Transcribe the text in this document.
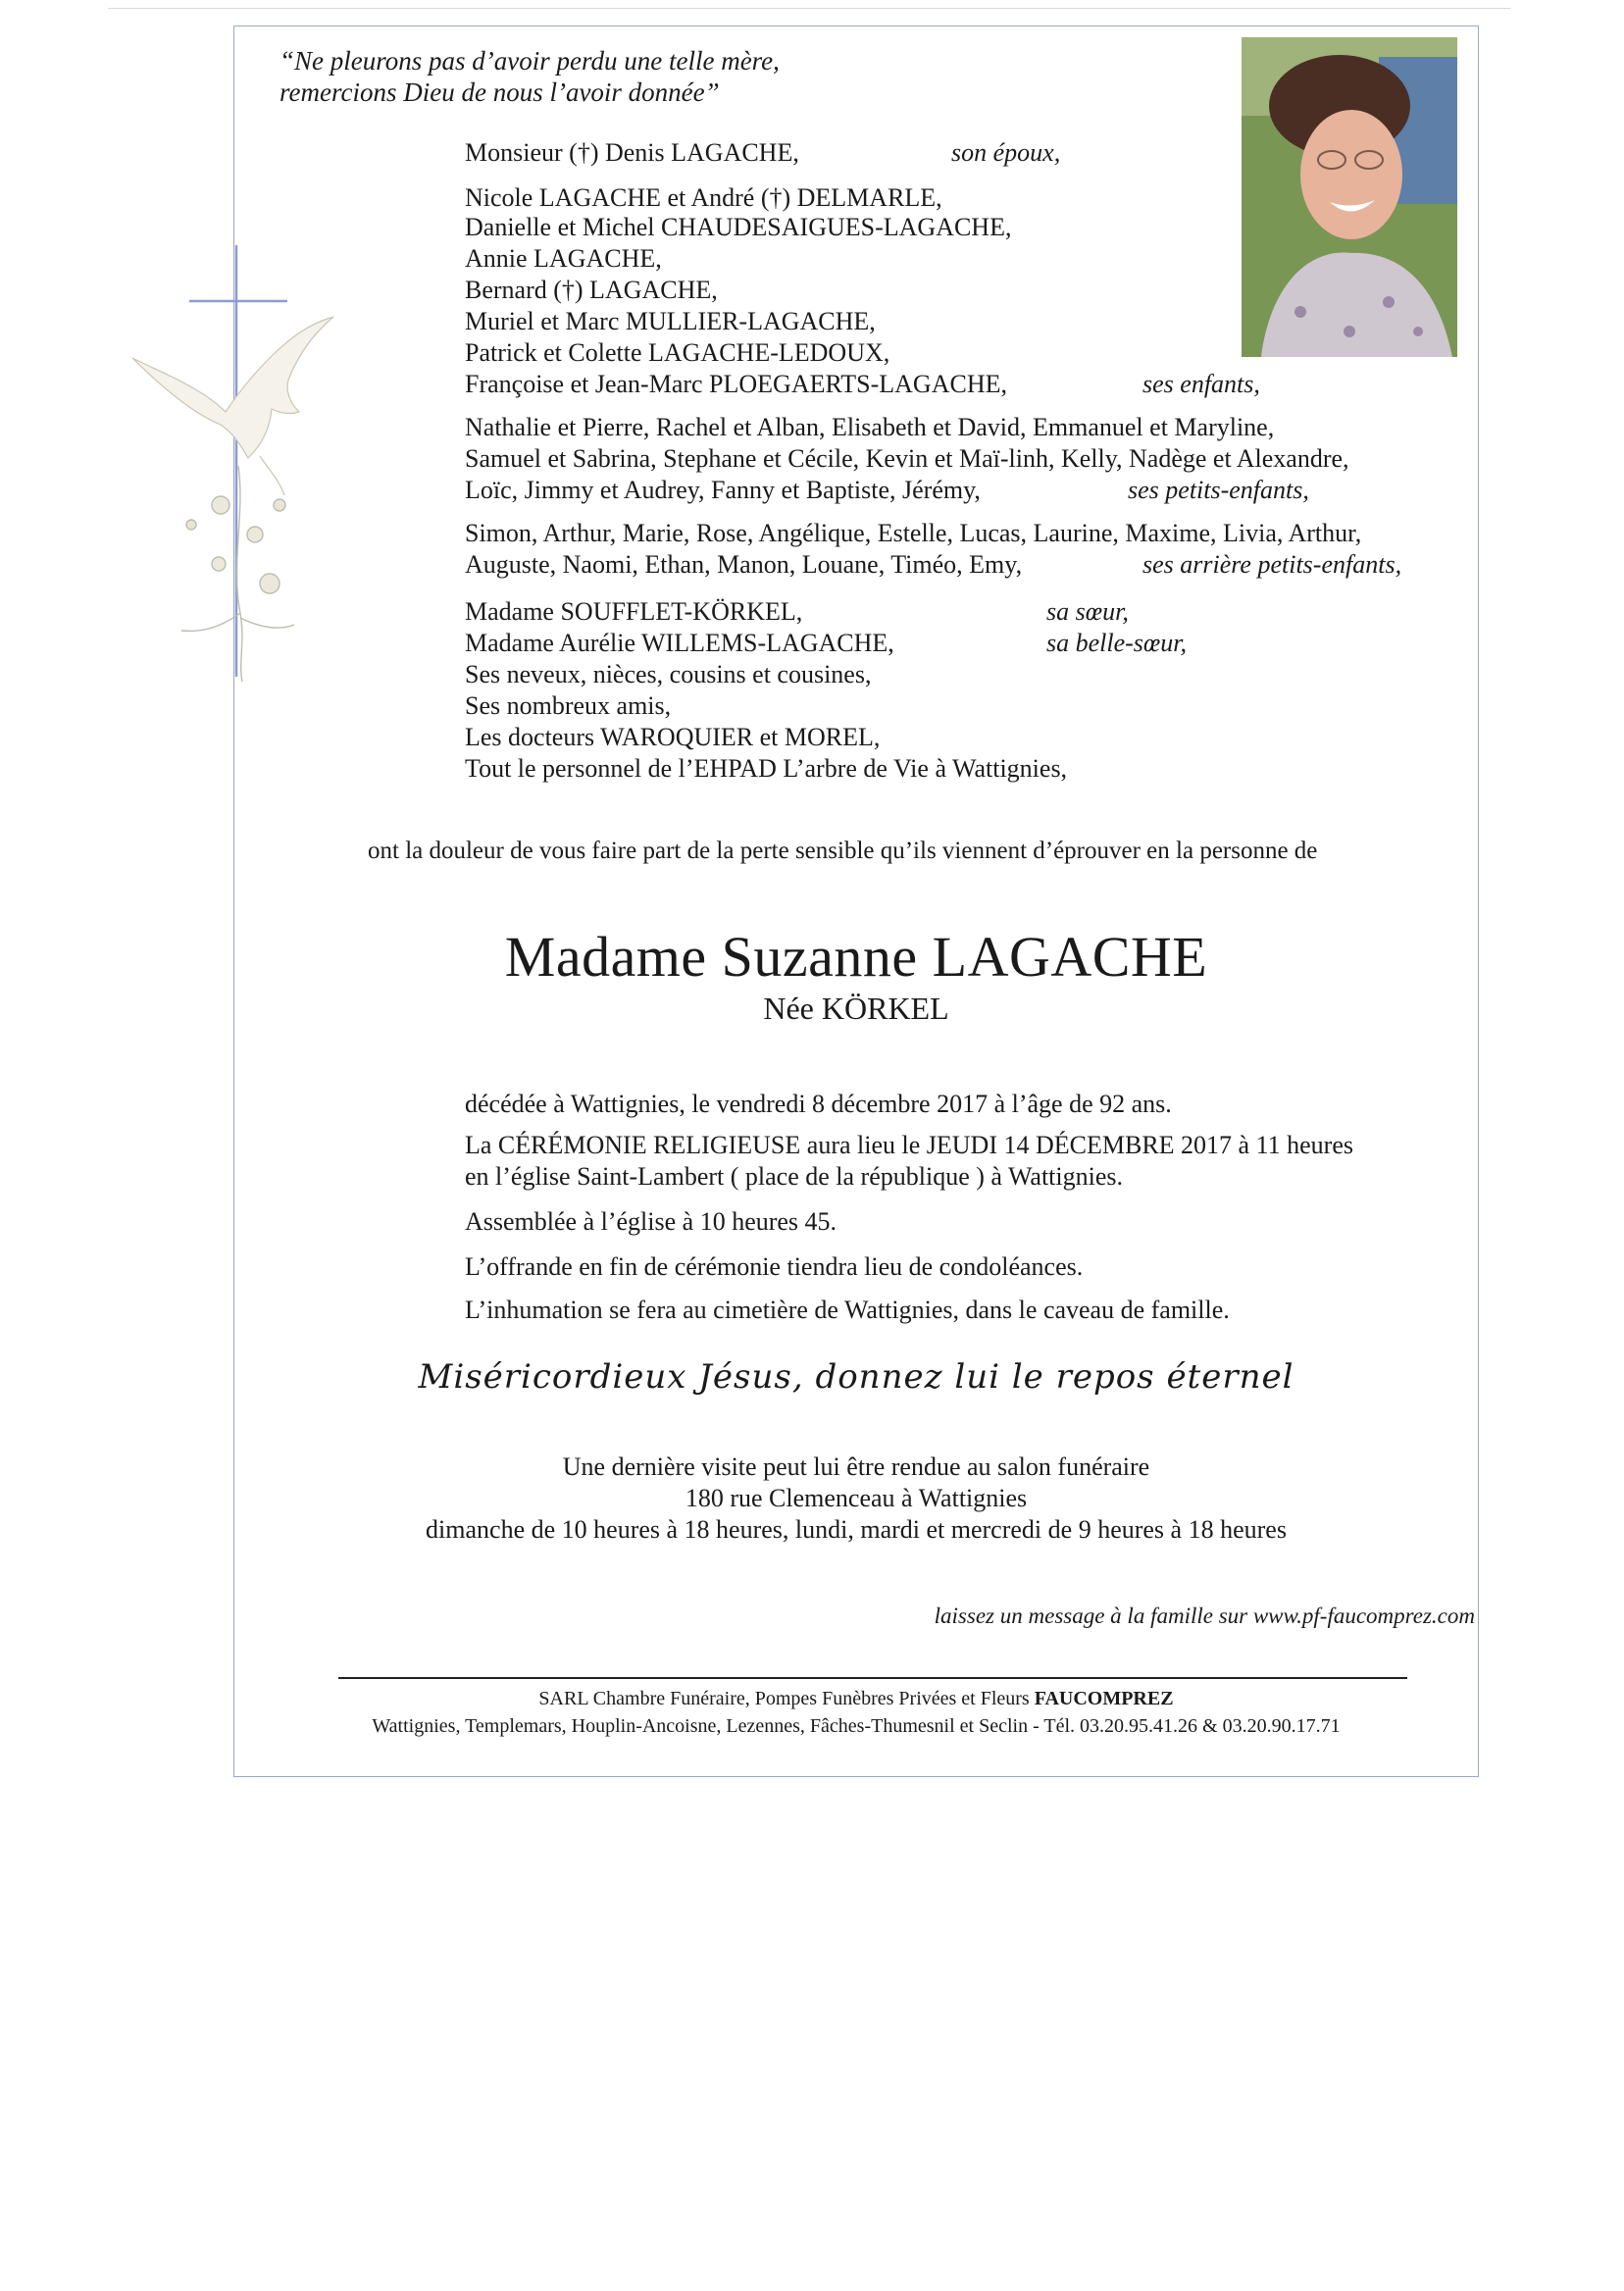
“Ne pleurons pas d’avoir perdu une telle mère,
remercions Dieu de nous l’avoir donnée”
Monsieur (†) Denis LAGACHE,	son époux,
Nicole LAGACHE et André (†) DELMARLE,
Danielle et Michel CHAUDESAIGUES-LAGACHE,
Annie LAGACHE,
Bernard (†) LAGACHE,
Muriel et Marc MULLIER-LAGACHE,
Patrick et Colette LAGACHE-LEDOUX,
Françoise et Jean-Marc PLOEGAERTS-LAGACHE,	ses enfants,
Nathalie et Pierre, Rachel et Alban, Elisabeth et David, Emmanuel et Maryline,
Samuel et Sabrina, Stephane et Cécile, Kevin et Maï-linh, Kelly, Nadège et Alexandre,
Loïc, Jimmy et Audrey, Fanny et Baptiste, Jérémy,	ses petits-enfants,
Simon, Arthur, Marie, Rose, Angélique, Estelle, Lucas, Laurine, Maxime, Livia, Arthur,
Auguste, Naomi, Ethan, Manon, Louane, Timéo, Emy,	ses arrière petits-enfants,
Madame SOUFFLET-KÖRKEL,	sa sœur,
Madame Aurélie WILLEMS-LAGACHE,	sa belle-sœur,
Ses neveux, nièces, cousins et cousines,
Ses nombreux amis,
Les docteurs WAROQUIER et MOREL,
Tout le personnel de l’EHPAD L’arbre de Vie à Wattignies,
ont la douleur de vous faire part de la perte sensible qu’ils viennent d’éprouver en la personne de
Madame Suzanne LAGACHE
Née KÖRKEL
décédée à Wattignies, le vendredi 8 décembre 2017 à l’âge de 92 ans.
La CÉRÉMONIE RELIGIEUSE aura lieu le JEUDI 14 DÉCEMBRE 2017 à 11 heures
en l’église Saint-Lambert ( place de la république ) à Wattignies.
Assemblée à l’église à 10 heures 45.
L’offrande en fin de cérémonie tiendra lieu de condoléances.
L’inhumation se fera au cimetière de Wattignies, dans le caveau de famille.
Miséricordieux Jésus, donnez lui le repos éternel
Une dernière visite peut lui être rendue au salon funéraire
180 rue Clemenceau à Wattignies
dimanche de 10 heures à 18 heures, lundi, mardi et mercredi de 9 heures à 18 heures
laissez un message à la famille sur www.pf-faucomprez.com
SARL Chambre Funéraire, Pompes Funèbres Privées et Fleurs FAUCOMPREZ
Wattignies, Templemars, Houplin-Ancoisne, Lezennes, Fâches-Thumesnil et Seclin - Tél. 03.20.95.41.26 & 03.20.90.17.71
